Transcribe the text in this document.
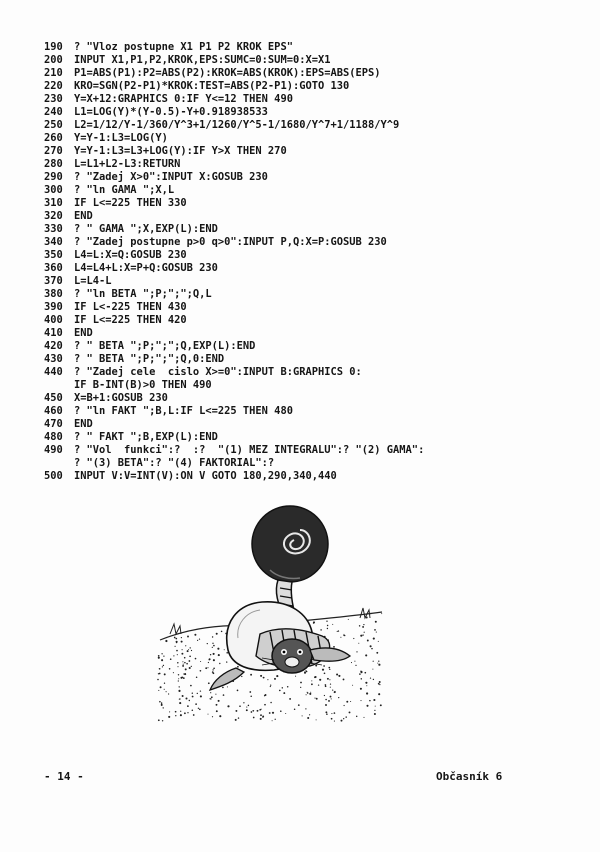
190 ? "Vloz postupne X1 P1 P2 KROK EPS"
200 INPUT X1,P1,P2,KROK,EPS:SUMC=0:SUM=0:X=X1
210 P1=ABS(P1):P2=ABS(P2):KROK=ABS(KROK):EPS=ABS(EPS)
220 KRO=SGN(P2-P1)*KROK:TEST=ABS(P2-P1):GOTO 130
230 Y=X+12:GRAPHICS 0:IF Y<=12 THEN 490
240 L1=LOG(Y)*(Y-0.5)-Y+0.918938533
250 L2=1/12/Y-1/360/Y^3+1/1260/Y^5-1/1680/Y^7+1/1188/Y^9
260 Y=Y-1:L3=LOG(Y)
270 Y=Y-1:L3=L3+LOG(Y):IF Y>X THEN 270
280 L=L1+L2-L3:RETURN
290 ? "Zadej X>0":INPUT X:GOSUB 230
300 ? "ln GAMA ";X,L
310 IF L<=225 THEN 330
320 END
330 ? " GAMA ";X,EXP(L):END
340 ? "Zadej postupne p>0 q>0":INPUT P,Q:X=P:GOSUB 230
350 L4=L:X=Q:GOSUB 230
360 L4=L4+L:X=P+Q:GOSUB 230
370 L=L4-L
380 ? "ln BETA ";P;";";Q,L
390 IF L<-225 THEN 430
400 IF L<=225 THEN 420
410 END
420 ? " BETA ";P;";";Q,EXP(L):END
430 ? " BETA ";P;";";Q,0:END
440 ? "Zadej cele  cislo X>=0":INPUT B:GRAPHICS 0:
IF B-INT(B)>0 THEN 490
450 X=B+1:GOSUB 230
460 ? "ln FAKT ";B,L:IF L<=225 THEN 480
470 END
480 ? " FAKT ";B,EXP(L):END
490 ? "Vol  funkci":?  :?  "(1) MEZ INTEGRALU":? "(2) GAMA":
? "(3) BETA":? "(4) FAKTORIAL":?
500 INPUT V:V=INT(V):ON V GOTO 180,290,340,440
- 14 -	Občasník 6
